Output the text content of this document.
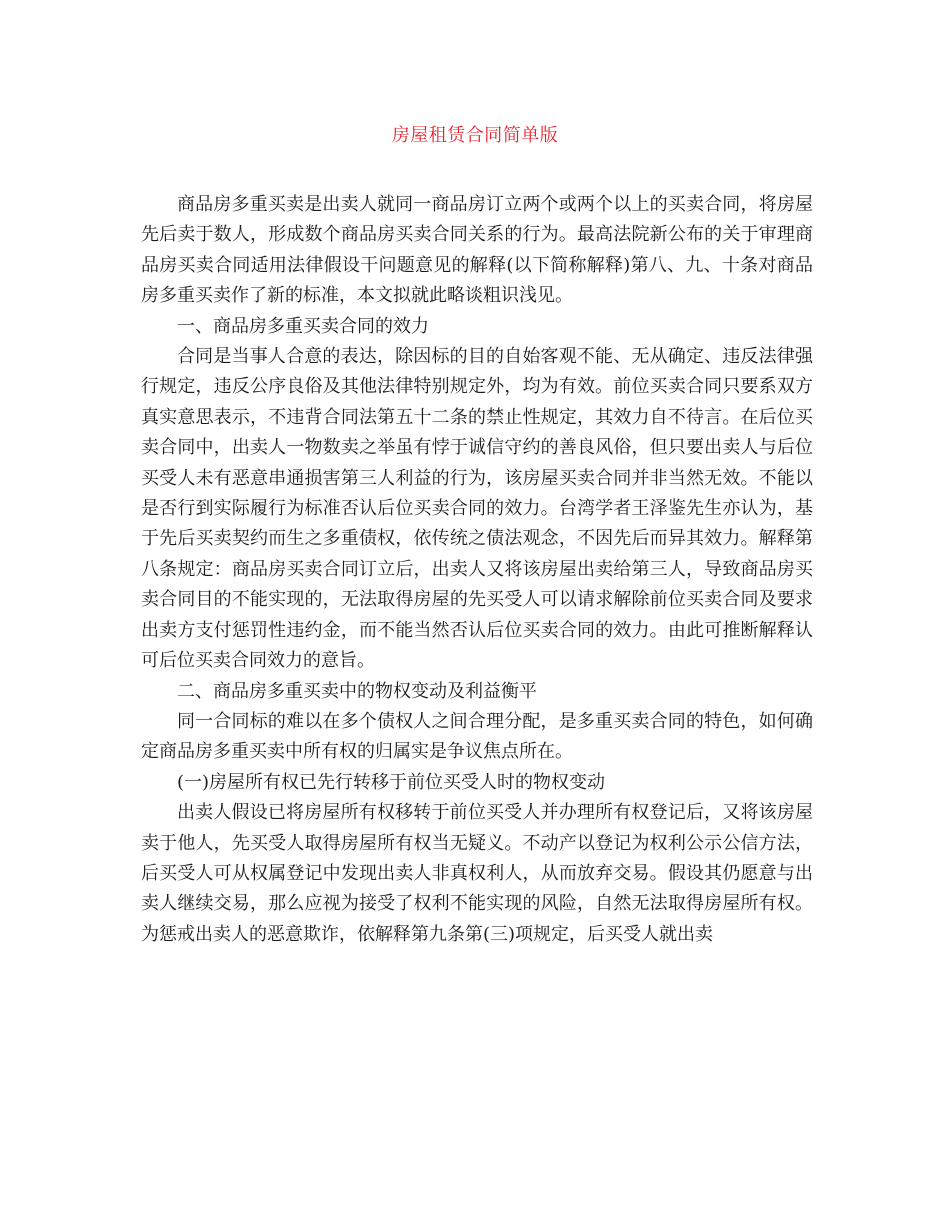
房屋租赁合同简单版

商品房多重买卖是出卖人就同一商品房订立两个或两个以上的买卖合同，将房屋先后卖于数人，形成数个商品房买卖合同关系的行为。最高法院新公布的关于审理商品房买卖合同适用法律假设干问题意见的解释(以下简称解释)第八、九、十条对商品房多重买卖作了新的标准，本文拟就此略谈粗识浅见。

一、商品房多重买卖合同的效力

合同是当事人合意的表达，除因标的目的自始客观不能、无从确定、违反法律强行规定，违反公序良俗及其他法律特别规定外，均为有效。前位买卖合同只要系双方真实意思表示，不违背合同法第五十二条的禁止性规定，其效力自不待言。在后位买卖合同中，出卖人一物数卖之举虽有悖于诚信守约的善良风俗，但只要出卖人与后位买受人未有恶意串通损害第三人利益的行为，该房屋买卖合同并非当然无效。不能以是否行到实际履行为标准否认后位买卖合同的效力。台湾学者王泽鉴先生亦认为，基于先后买卖契约而生之多重债权，依传统之债法观念，不因先后而异其效力。解释第八条规定：商品房买卖合同订立后，出卖人又将该房屋出卖给第三人，导致商品房买卖合同目的不能实现的，无法取得房屋的先买受人可以请求解除前位买卖合同及要求出卖方支付惩罚性违约金，而不能当然否认后位买卖合同的效力。由此可推断解释认可后位买卖合同效力的意旨。

二、商品房多重买卖中的物权变动及利益衡平

同一合同标的难以在多个债权人之间合理分配，是多重买卖合同的特色，如何确定商品房多重买卖中所有权的归属实是争议焦点所在。

(一)房屋所有权已先行转移于前位买受人时的物权变动

出卖人假设已将房屋所有权移转于前位买受人并办理所有权登记后，又将该房屋卖于他人，先买受人取得房屋所有权当无疑义。不动产以登记为权利公示公信方法，后买受人可从权属登记中发现出卖人非真权利人，从而放弃交易。假设其仍愿意与出卖人继续交易，那么应视为接受了权利不能实现的风险，自然无法取得房屋所有权。为惩戒出卖人的恶意欺诈，依解释第九条第(三)项规定，后买受人就出卖
